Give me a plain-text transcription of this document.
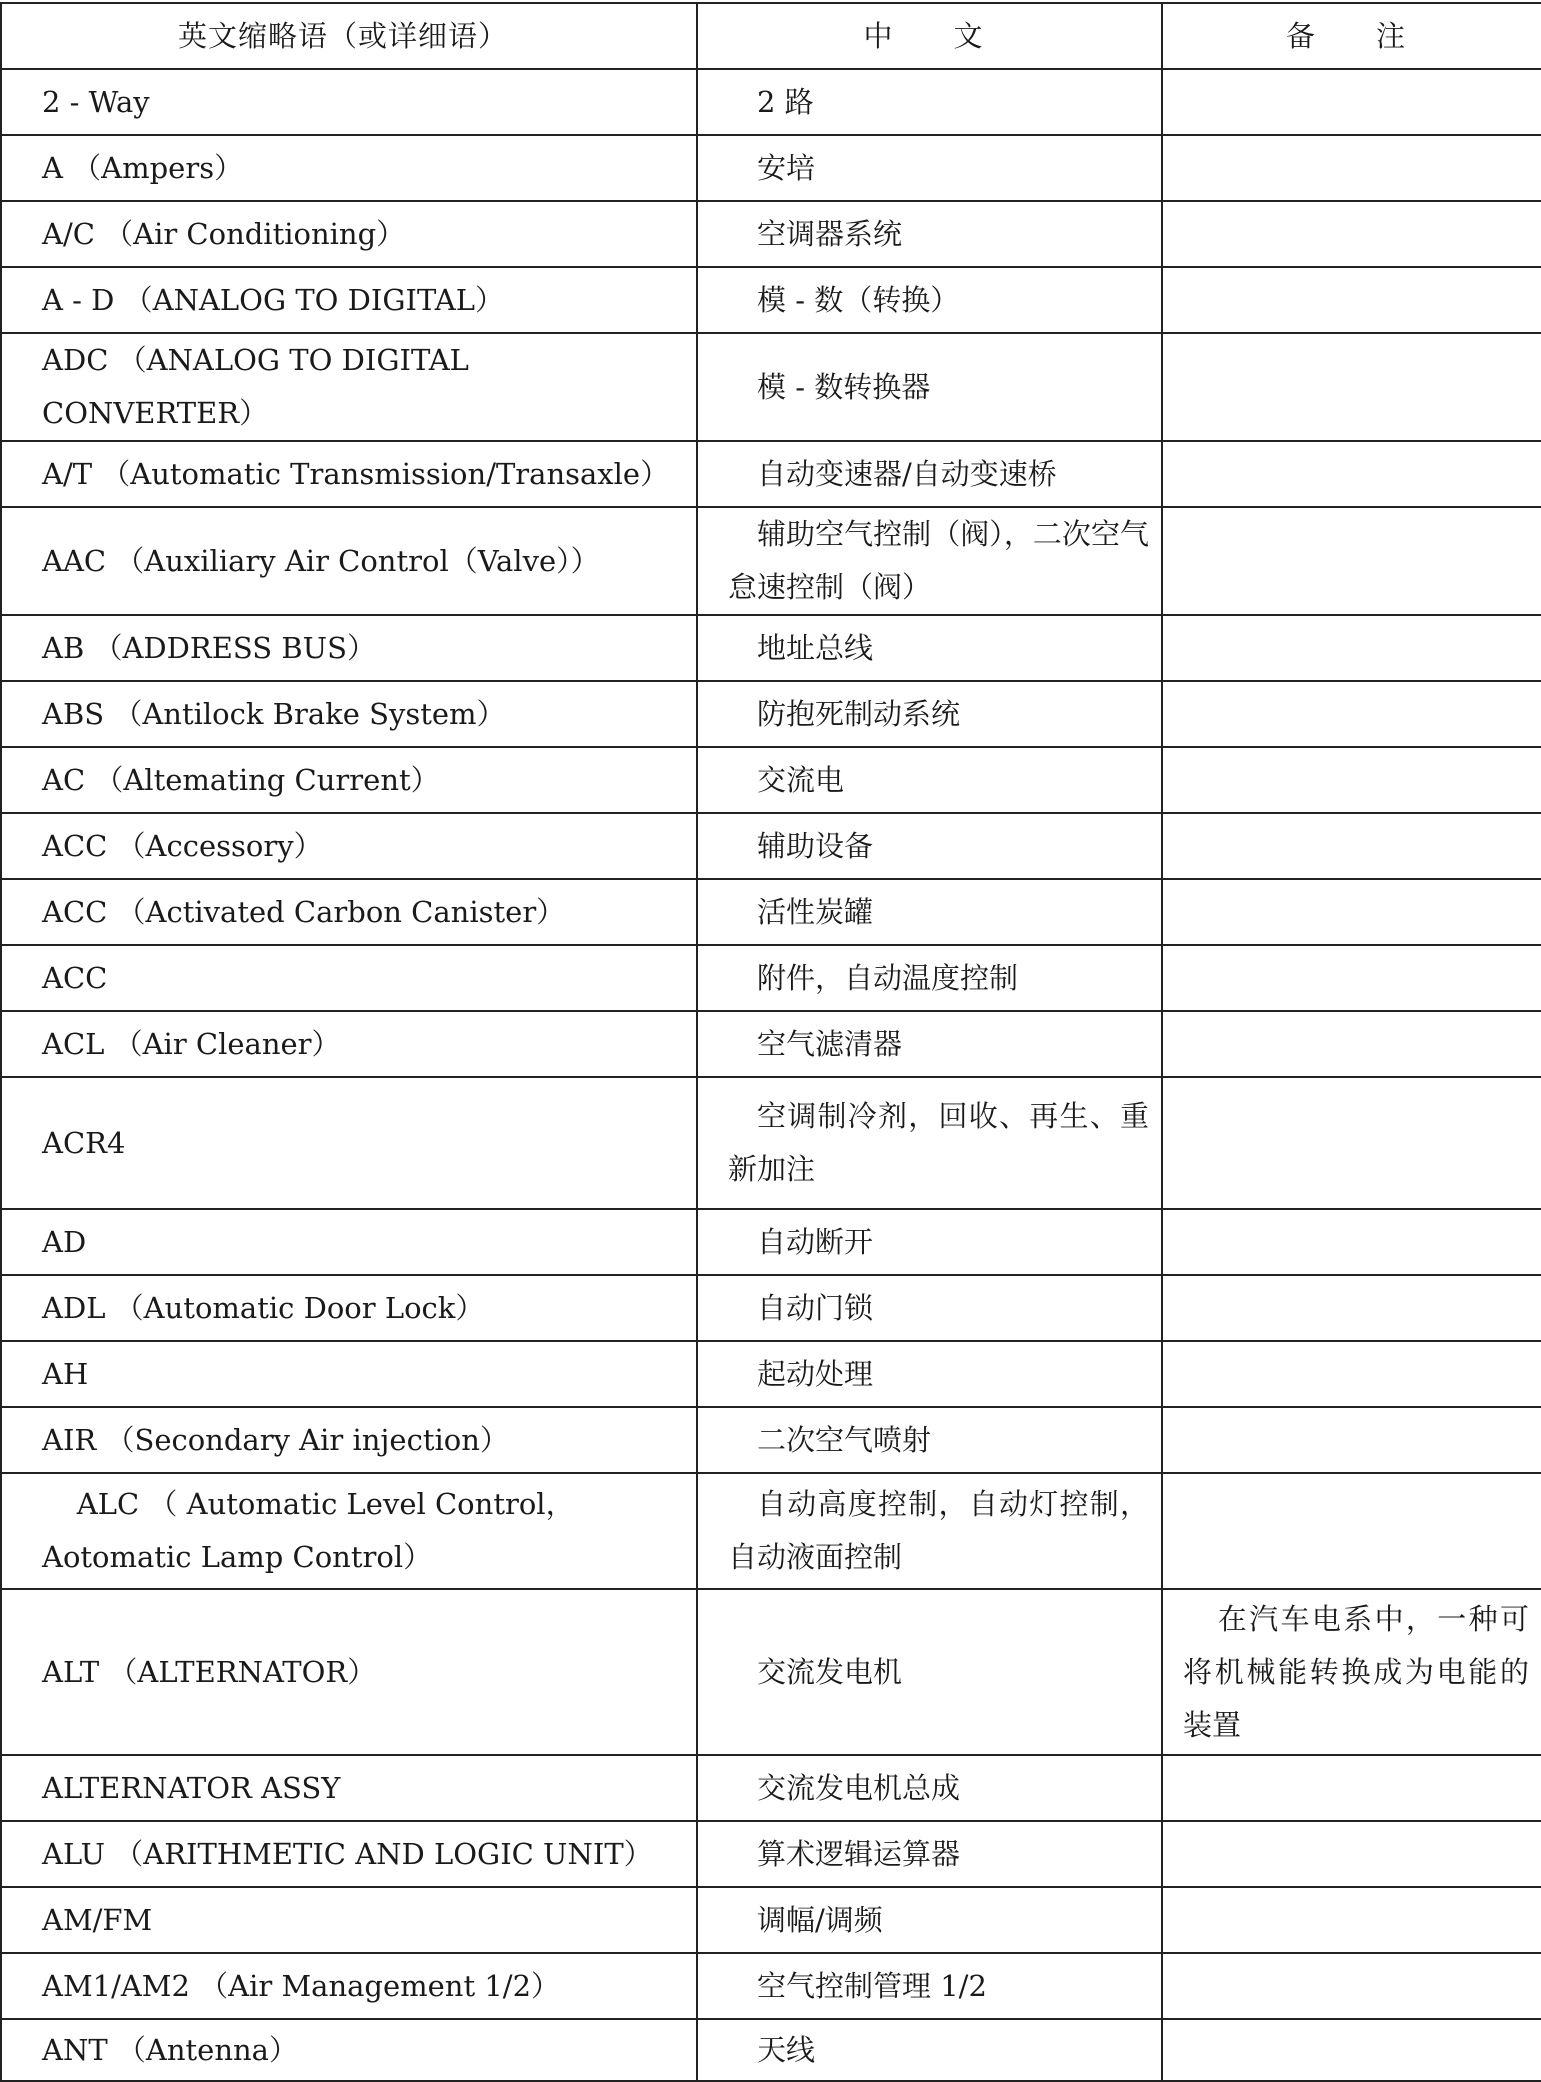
英文缩略语（或详细语）	中　　文	备　　注
2 - Way	2 路	
A （Ampers）	安培	
A/C （Air Conditioning）	空调器系统	
A - D （ANALOG TO DIGITAL）	模 - 数（转换）	
ADC （ANALOG TO DIGITAL CONVERTER）	模 - 数转换器	
A/T （Automatic Transmission/Transaxle）	自动变速器/自动变速桥	
AAC （Auxiliary Air Control（Valve））	辅助空气控制（阀），二次空气怠速控制（阀）	
AB （ADDRESS BUS）	地址总线	
ABS （Antilock Brake System）	防抱死制动系统	
AC （Altemating Current）	交流电	
ACC （Accessory）	辅助设备	
ACC （Activated Carbon Canister）	活性炭罐	
ACC	附件，自动温度控制	
ACL （Air Cleaner）	空气滤清器	
ACR4	空调制冷剂，回收、再生、重新加注	
AD	自动断开	
ADL （Automatic Door Lock）	自动门锁	
AH	起动处理	
AIR （Secondary Air injection）	二次空气喷射	
ALC （ Automatic Level Control， Aotomatic Lamp Control）	自动高度控制，自动灯控制，自动液面控制	
ALT （ALTERNATOR）	交流发电机	在汽车电系中，一种可将机械能转换成为电能的装置
ALTERNATOR ASSY	交流发电机总成	
ALU （ARITHMETIC AND LOGIC UNIT）	算术逻辑运算器	
AM/FM	调幅/调频	
AM1/AM2 （Air Management 1/2）	空气控制管理 1/2	
ANT （Antenna）	天线	
